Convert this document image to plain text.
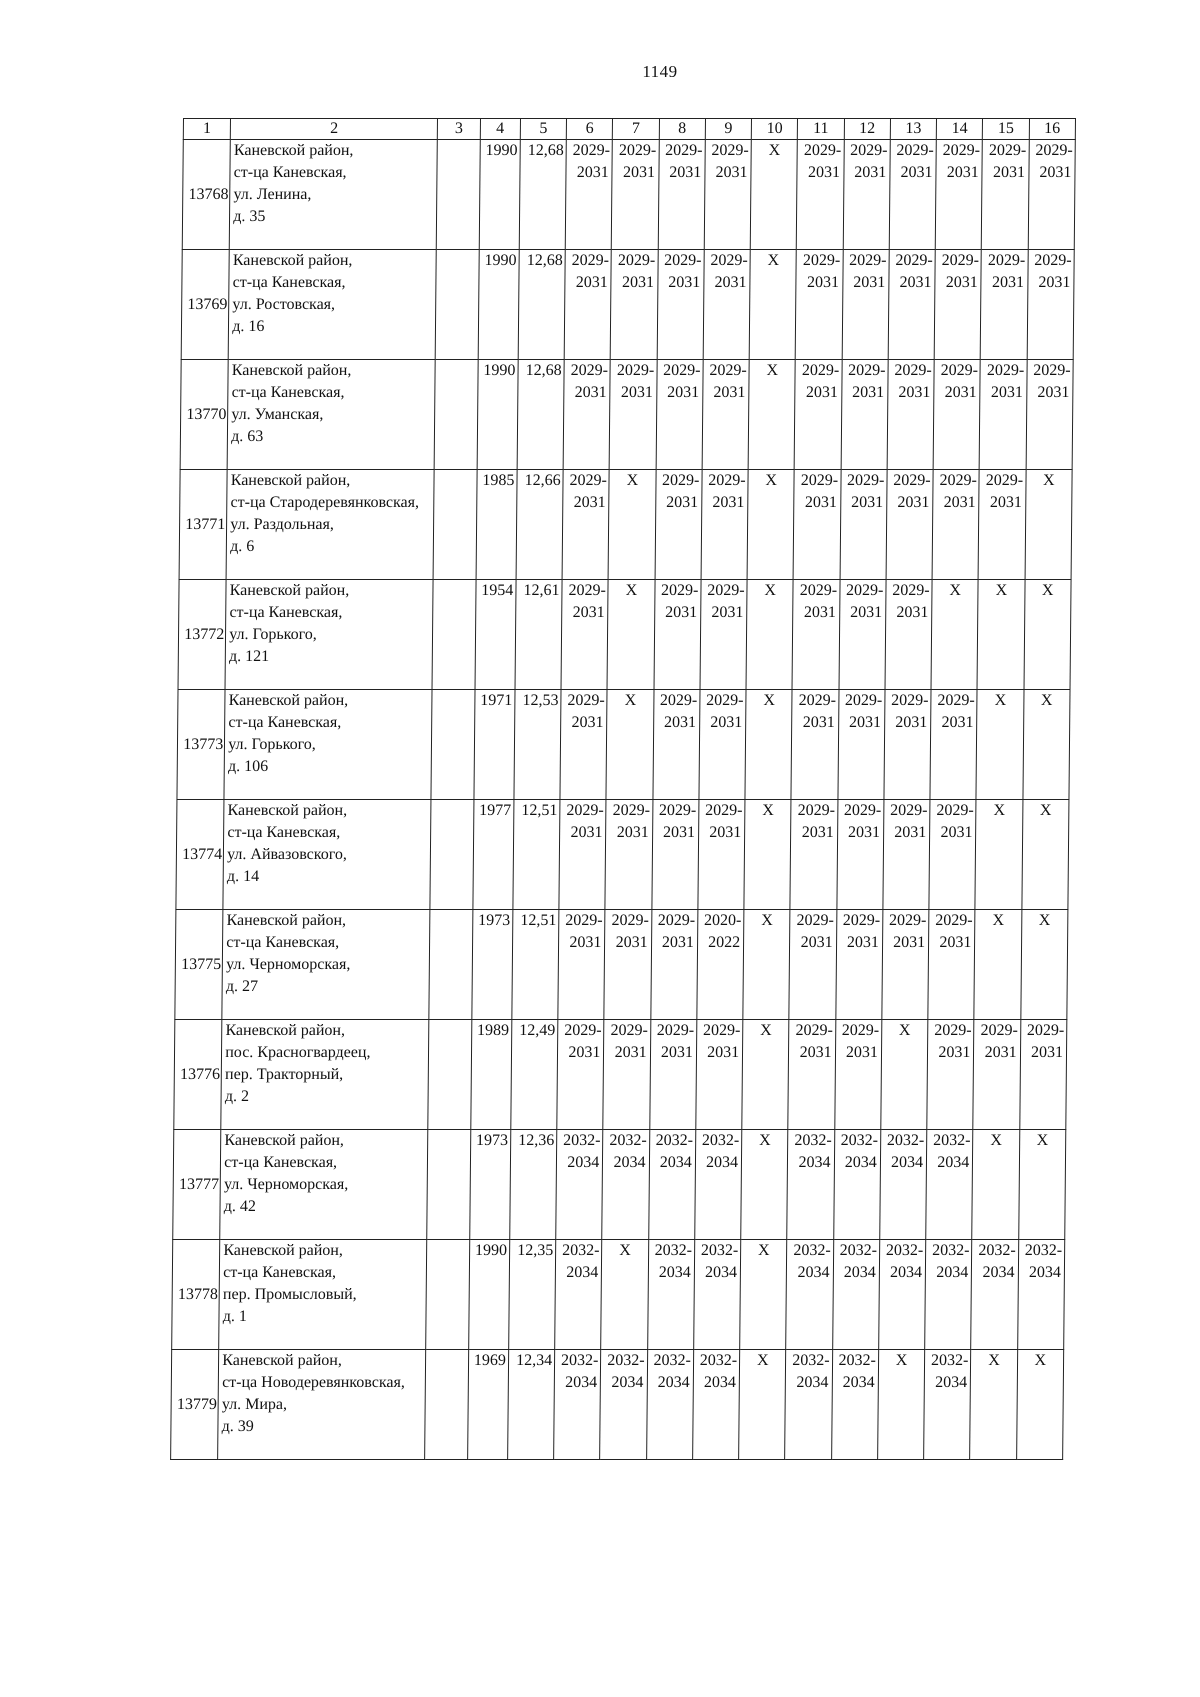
1149
1	2	3	4	5	6	7	8	9	10	11	12	13	14	15	16
13768	Каневской район,
ст-ца Каневская,
ул. Ленина,
д. 35		1990	12,68	2029-
2031	2029-
2031	2029-
2031	2029-
2031	X	2029-
2031	2029-
2031	2029-
2031	2029-
2031	2029-
2031	2029-
2031

13769	Каневской район,
ст-ца Каневская,
ул. Ростовская,
д. 16		1990	12,68	2029-
2031	2029-
2031	2029-
2031	2029-
2031	X	2029-
2031	2029-
2031	2029-
2031	2029-
2031	2029-
2031	2029-
2031

13770	Каневской район,
ст-ца Каневская,
ул. Уманская,
д. 63		1990	12,68	2029-
2031	2029-
2031	2029-
2031	2029-
2031	X	2029-
2031	2029-
2031	2029-
2031	2029-
2031	2029-
2031	2029-
2031

13771	Каневской район,
ст-ца Стародеревянковская,
ул. Раздольная,
д. 6		1985	12,66	2029-
2031	X	2029-
2031	2029-
2031	X	2029-
2031	2029-
2031	2029-
2031	2029-
2031	2029-
2031	X
13772	Каневской район,
ст-ца Каневская,
ул. Горького,
д. 121		1954	12,61	2029-
2031	X	2029-
2031	2029-
2031	X	2029-
2031	2029-
2031	2029-
2031	X	X	X
13773	Каневской район,
ст-ца Каневская,
ул. Горького,
д. 106		1971	12,53	2029-
2031	X	2029-
2031	2029-
2031	X	2029-
2031	2029-
2031	2029-
2031	2029-
2031	X	X
13774	Каневской район,
ст-ца Каневская,
ул. Айвазовского,
д. 14		1977	12,51	2029-
2031	2029-
2031	2029-
2031	2029-
2031	X	2029-
2031	2029-
2031	2029-
2031	2029-
2031	X	X
13775	Каневской район,
ст-ца Каневская,
ул. Черноморская,
д. 27		1973	12,51	2029-
2031	2029-
2031	2029-
2031	2020-
2022	X	2029-
2031	2029-
2031	2029-
2031	2029-
2031	X	X
13776	Каневской район,
пос. Красногвардеец,
пер. Тракторный,
д. 2		1989	12,49	2029-
2031	2029-
2031	2029-
2031	2029-
2031	X	2029-
2031	2029-
2031	X	2029-
2031	2029-
2031	2029-
2031

13777	Каневской район,
ст-ца Каневская,
ул. Черноморская,
д. 42		1973	12,36	2032-
2034	2032-
2034	2032-
2034	2032-
2034	X	2032-
2034	2032-
2034	2032-
2034	2032-
2034	X	X
13778	Каневской район,
ст-ца Каневская,
пер. Промысловый,
д. 1		1990	12,35	2032-
2034	X	2032-
2034	2032-
2034	X	2032-
2034	2032-
2034	2032-
2034	2032-
2034	2032-
2034	2032-
2034

13779	Каневской район,
ст-ца Новодеревянковская,
ул. Мира,
д. 39		1969	12,34	2032-
2034	2032-
2034	2032-
2034	2032-
2034	X	2032-
2034	2032-
2034	X	2032-
2034	X	X
